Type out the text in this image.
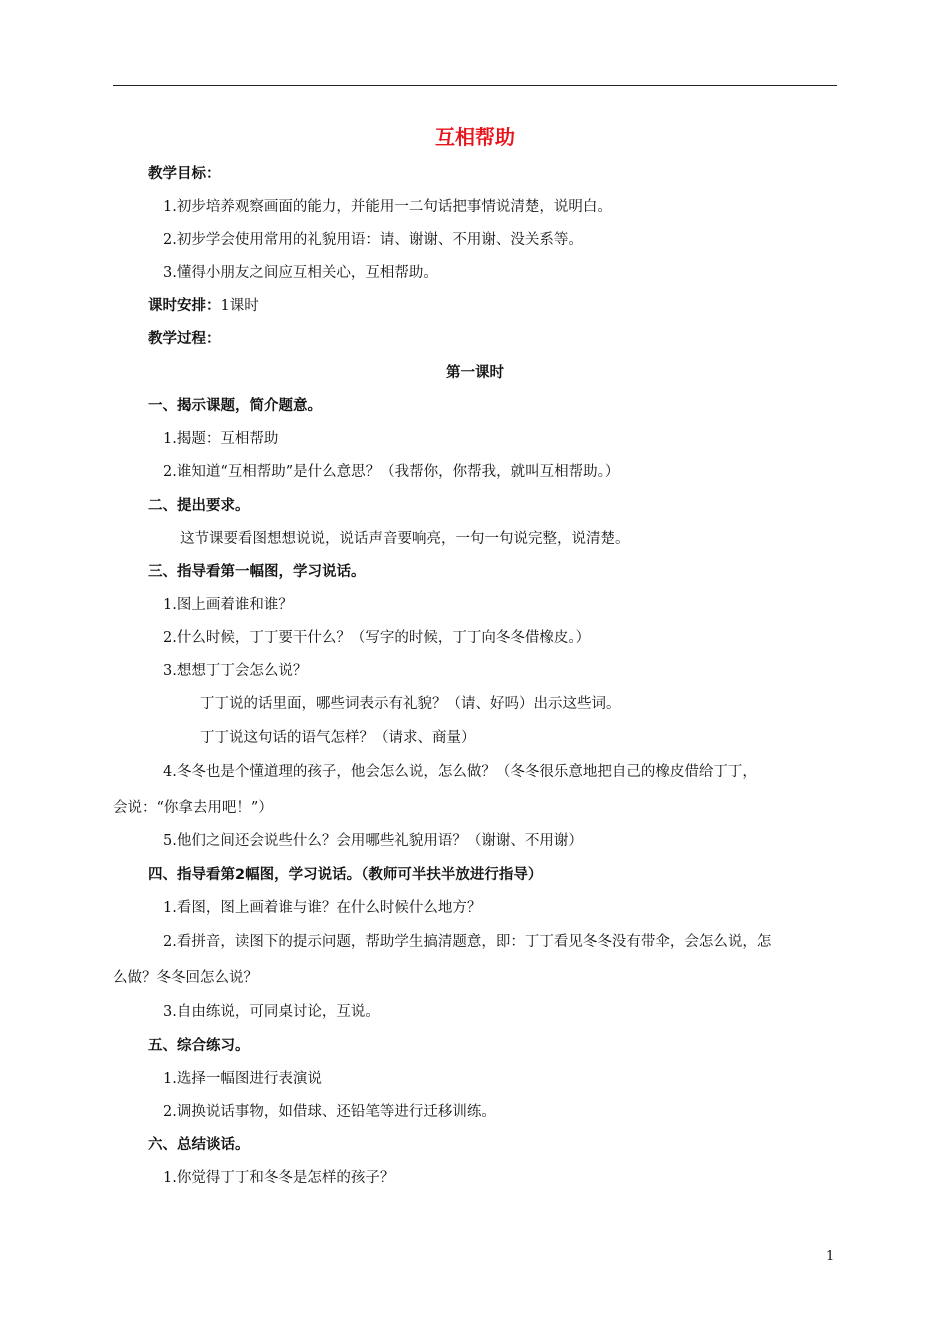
互相帮助
教学目标：
1.初步培养观察画面的能力，并能用一二句话把事情说清楚，说明白。
2.初步学会使用常用的礼貌用语：请、谢谢、不用谢、没关系等。
3.懂得小朋友之间应互相关心，互相帮助。
课时安排：1课时
教学过程：
第一课时
一、揭示课题，简介题意。
1.揭题：互相帮助
2.谁知道“互相帮助”是什么意思？（我帮你，你帮我，就叫互相帮助。）
二、提出要求。
这节课要看图想想说说，说话声音要响亮，一句一句说完整，说清楚。
三、指导看第一幅图，学习说话。
1.图上画着谁和谁？
2.什么时候，丁丁要干什么？（写字的时候，丁丁向冬冬借橡皮。）
3.想想丁丁会怎么说？
丁丁说的话里面，哪些词表示有礼貌？（请、好吗）出示这些词。
丁丁说这句话的语气怎样？（请求、商量）
4.冬冬也是个懂道理的孩子，他会怎么说，怎么做？（冬冬很乐意地把自己的橡皮借给丁丁，
会说：“你拿去用吧！”）
5.他们之间还会说些什么？会用哪些礼貌用语？（谢谢、不用谢）
四、指导看第2幅图，学习说话。（教师可半扶半放进行指导）
1.看图，图上画着谁与谁？在什么时候什么地方？
2.看拼音，读图下的提示问题，帮助学生搞清题意，即：丁丁看见冬冬没有带伞，会怎么说，怎
么做？冬冬回怎么说？
3.自由练说，可同桌讨论，互说。
五、综合练习。
1.选择一幅图进行表演说
2.调换说话事物，如借球、还铅笔等进行迁移训练。
六、总结谈话。
1.你觉得丁丁和冬冬是怎样的孩子？
1
